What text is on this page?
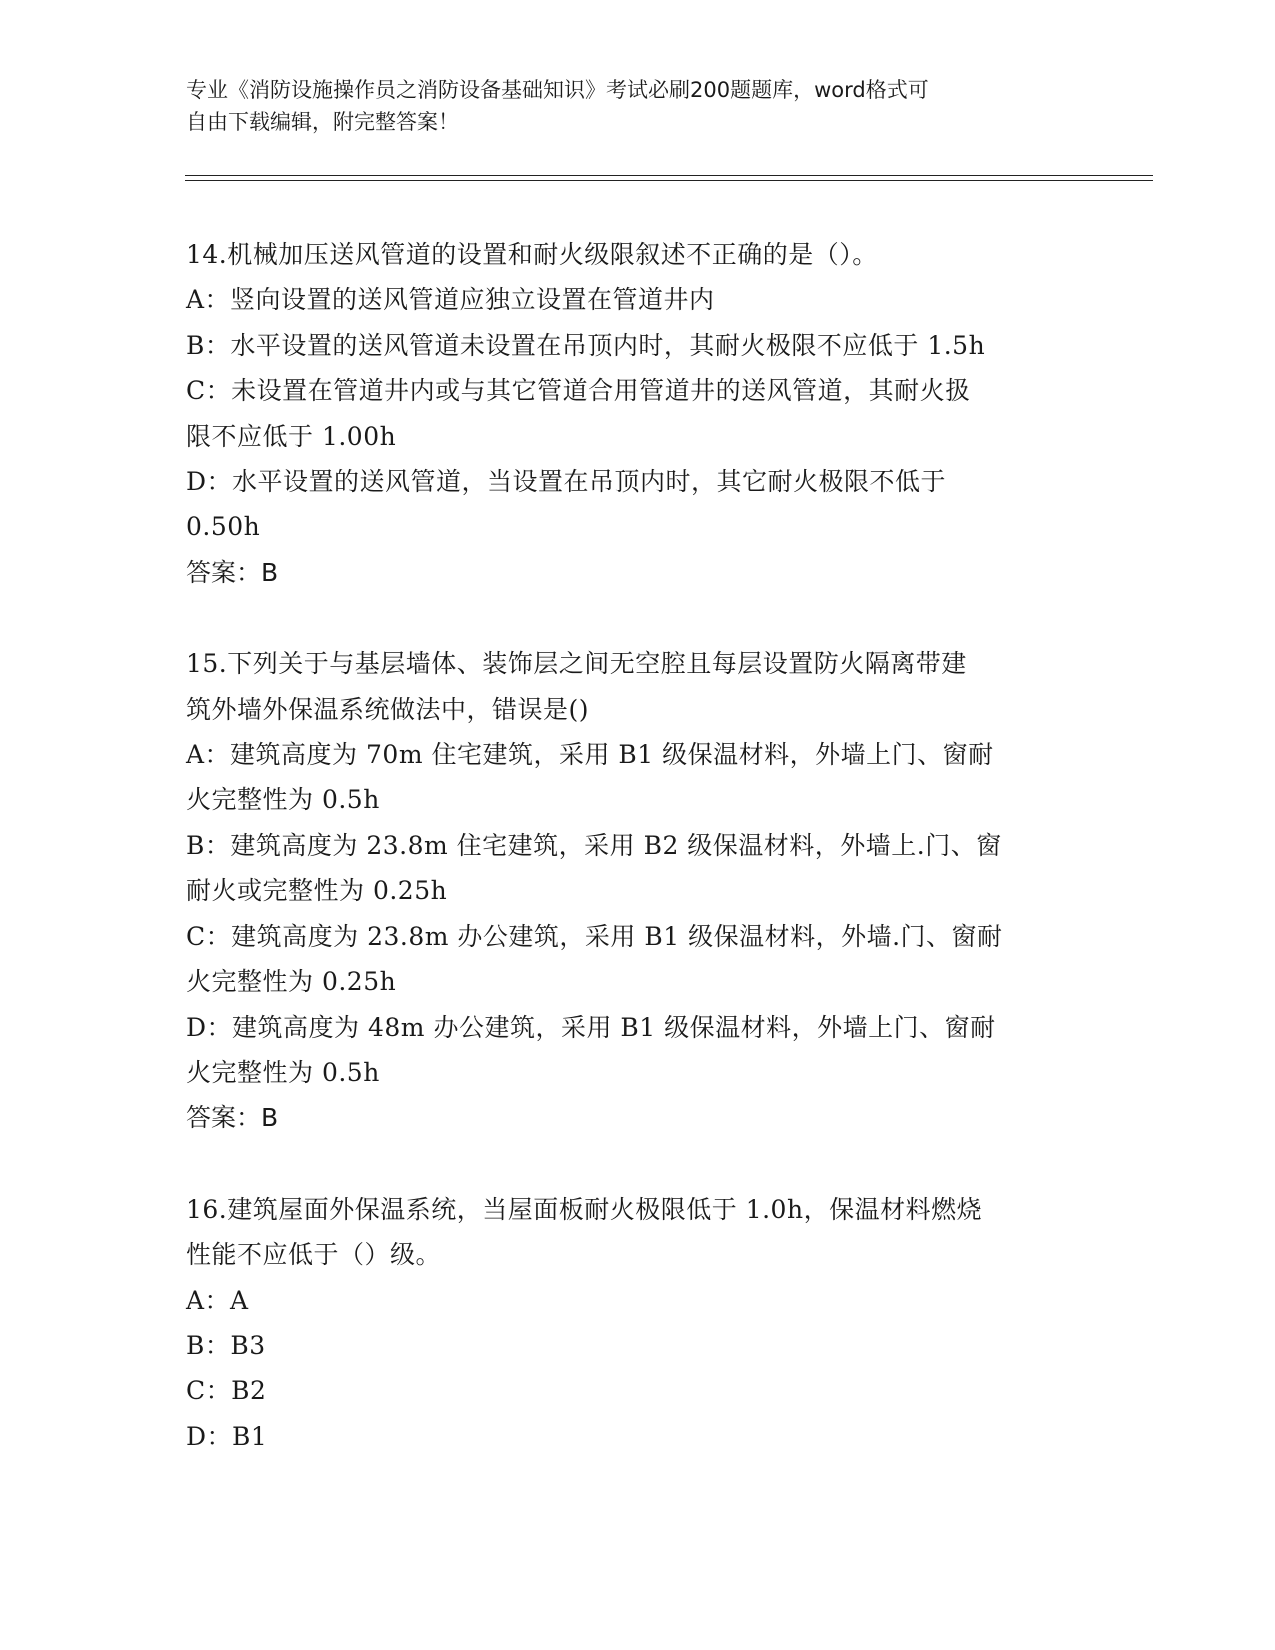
专业《消防设施操作员之消防设备基础知识》考试必刷200题题库，word格式可

自由下载编辑，附完整答案！

14.机械加压送风管道的设置和耐火级限叙述不正确的是（）。

A：竖向设置的送风管道应独立设置在管道井内

B：水平设置的送风管道未设置在吊顶内时，其耐火极限不应低于 1.5h

C：未设置在管道井内或与其它管道合用管道井的送风管道，其耐火扱

限不应低于 1.00h

D：水平设置的送风管道，当设置在吊顶内时，其它耐火极限不低于

0.50h

答案：B

15.下列关于与基层墙体、装饰层之间无空腔且每层设置防火隔离带建

筑外墙外保温系统做法中，错误是()

A：建筑高度为 70m 住宅建筑，采用 B1 级保温材料，外墙上门、窗耐

火完整性为 0.5h

B：建筑高度为 23.8m 住宅建筑，采用 B2 级保温材料，外墙上.门、窗

耐火或完整性为 0.25h

C：建筑高度为 23.8m 办公建筑，采用 B1 级保温材料，外墙.门、窗耐

火完整性为 0.25h

D：建筑高度为 48m 办公建筑，采用 B1 级保温材料，外墙上门、窗耐

火完整性为 0.5h

答案：B

16.建筑屋面外保温系统，当屋面板耐火极限低于 1.0h，保温材料燃烧

性能不应低于（）级。

A：A

B：B3

C：B2

D：B1
